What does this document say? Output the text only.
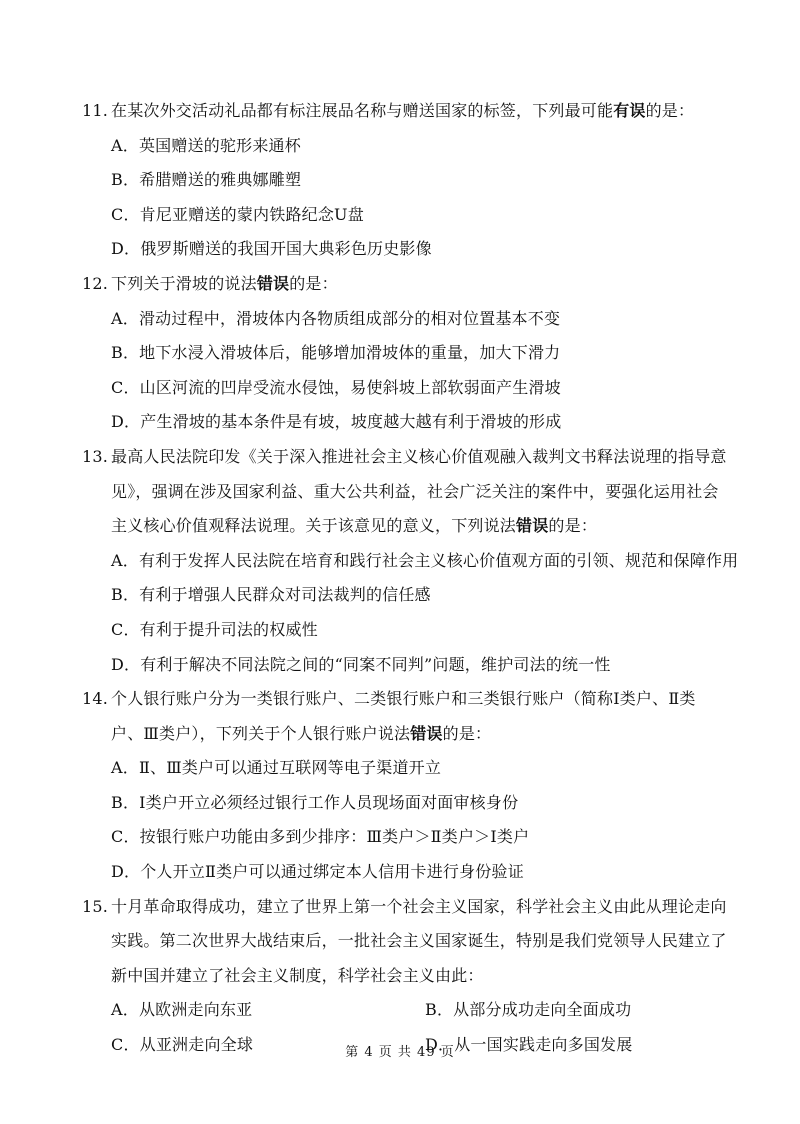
11. 在某次外交活动礼品都有标注展品名称与赠送国家的标签，下列最可能有误的是：
A．英国赠送的驼形来通杯
B．希腊赠送的雅典娜雕塑
C．肯尼亚赠送的蒙内铁路纪念U盘
D．俄罗斯赠送的我国开国大典彩色历史影像
12. 下列关于滑坡的说法错误的是：
A．滑动过程中，滑坡体内各物质组成部分的相对位置基本不变
B．地下水浸入滑坡体后，能够增加滑坡体的重量，加大下滑力
C．山区河流的凹岸受流水侵蚀，易使斜坡上部软弱面产生滑坡
D．产生滑坡的基本条件是有坡，坡度越大越有利于滑坡的形成
13. 最高人民法院印发《关于深入推进社会主义核心价值观融入裁判文书释法说理的指导意
见》，强调在涉及国家利益、重大公共利益，社会广泛关注的案件中，要强化运用社会
主义核心价值观释法说理。关于该意见的意义，下列说法错误的是：
A．有利于发挥人民法院在培育和践行社会主义核心价值观方面的引领、规范和保障作用
B．有利于增强人民群众对司法裁判的信任感
C．有利于提升司法的权威性
D．有利于解决不同法院之间的“同案不同判”问题，维护司法的统一性
14. 个人银行账户分为一类银行账户、二类银行账户和三类银行账户（简称Ⅰ类户、Ⅱ类
户、Ⅲ类户），下列关于个人银行账户说法错误的是：
A．Ⅱ、Ⅲ类户可以通过互联网等电子渠道开立
B．Ⅰ类户开立必须经过银行工作人员现场面对面审核身份
C．按银行账户功能由多到少排序：Ⅲ类户＞Ⅱ类户＞Ⅰ类户
D．个人开立Ⅱ类户可以通过绑定本人信用卡进行身份验证
15. 十月革命取得成功，建立了世界上第一个社会主义国家，科学社会主义由此从理论走向
实践。第二次世界大战结束后，一批社会主义国家诞生，特别是我们党领导人民建立了
新中国并建立了社会主义制度，科学社会主义由此：
A．从欧洲走向东亚	B．从部分成功走向全面成功
C．从亚洲走向全球	D．从一国实践走向多国发展
第 4 页 共 49 页
